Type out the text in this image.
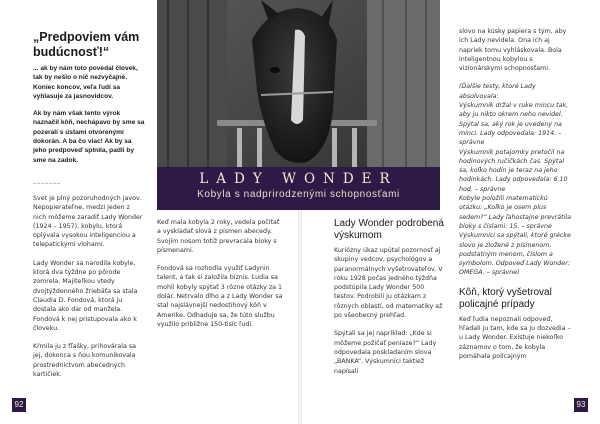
„Predpoviem vám budúcnosť!“

... ak by nám toto povedal človek, tak by nešlo o nič nezvyčajné. Koniec koncov, veľa ľudí sa vyhlasuje za jasnovidcov.

Ak by nám však tento výrok naznačil kôň, nechápavo by sme sa pozerali s ústami otvorenými dokorán. A ba čo viac! Ak by sa jeho predpoveď splnila, padli by sme na zadok.

_______

Svet je plný pozoruhodných javov. Nepopierateľne, medzi jeden z nich môžeme zaradiť Lady Wonder (1924 – 1957), kobylu, ktorá oplývala vysokou inteligenciou a telepatickými vlohami.

Lady Wonder sa narodila kobyle, ktorá dva týždne po pôrode zomrela. Majiteľkou vtedy dvojtýždenného žriebäťa sa stala Claudia D. Fondová, ktorá ju dostala ako dar od manžela. Fondová k nej pristupovala ako k človeku.

Kŕmila ju z fľašky, prihovárala sa jej, dokonca s ňou komunikovala prostredníctvom abecedných kartičiek.

LADY WONDER
Kobyla s nadprirodzenými schopnosťami

Keď mala kobyla 2 roky, vedela počítať a vyskladať slová z písmen abecedy. Svojím nosom totiž prevracala bloky s písmenami.

Fondová sa rozhodla využiť Ladynin talent, a tak si založila biznis. Ľudia sa mohli kobyly spýtať 3 rôzne otázky za 1 dolár. Netrvalo dlho a z Lady Wonder sa stal najslávnejší nedostihový kôň v Amerike. Odhaduje sa, že túto službu využilo približne 150-tisíc ľudí.

Lady Wonder podrobená výskumom

Kuriózny úkaz upútal pozornosť aj skupiny vedcov, psychológov a paranormálnych vyšetrovateľov. V roku 1928 počas jedného týždňa podstúpila Lady Wonder 500 testov. Podrobili ju otázkam z rôznych oblastí, od matematiky až po všeobecný prehľad.

Spýtali sa jej napríklad: „Kde si môžeme požičať peniaze?“ Lady odpovedala poskladaním slova „BANKA“. Výskumníci taktiež napísali

slovo na kúsky papiera s tým, aby ich Lady nevidela. Ona ich aj napriek tomu vyhláskovala. Bola inteligentnou kobylou s vizionárskymi schopnosťami.

(Ďalšie testy, ktoré Lady absolvovala:

Výskumník držal v ruke mincu tak, aby ju nikto okrem neho nevidel. Spýtal sa, aký rok je uvedený na minci. Lady odpovedala: 1914. – správne

Výskumník potajomky pretočil na hodinových ručičkách čas. Spýtal sa, koľko hodín je teraz na jeho hodinkách. Lady odpovedala: 6.10 hod. – správne

Kobyle položili matematickú otázku: „Koľko je osem plus sedem?“ Lady ľahostajne prevrátila bloky s číslami: 15. – správne

Výskumníci sa spýtali, ktoré grécke slovo je zložené z písmenom, podstatným menom, číslom a symbolom. Odpoveď Lady Wonder: OMEGA. – správne)

Kôň, ktorý vyšetroval policajné prípady

Keď ľudia nepoznali odpoveď, hľadali ju tam, kde sa ju dozvedia – u Lady Wonder. Existuje niekoľko záznamov o tom, že kobyla pomáhala policajným

92	93
